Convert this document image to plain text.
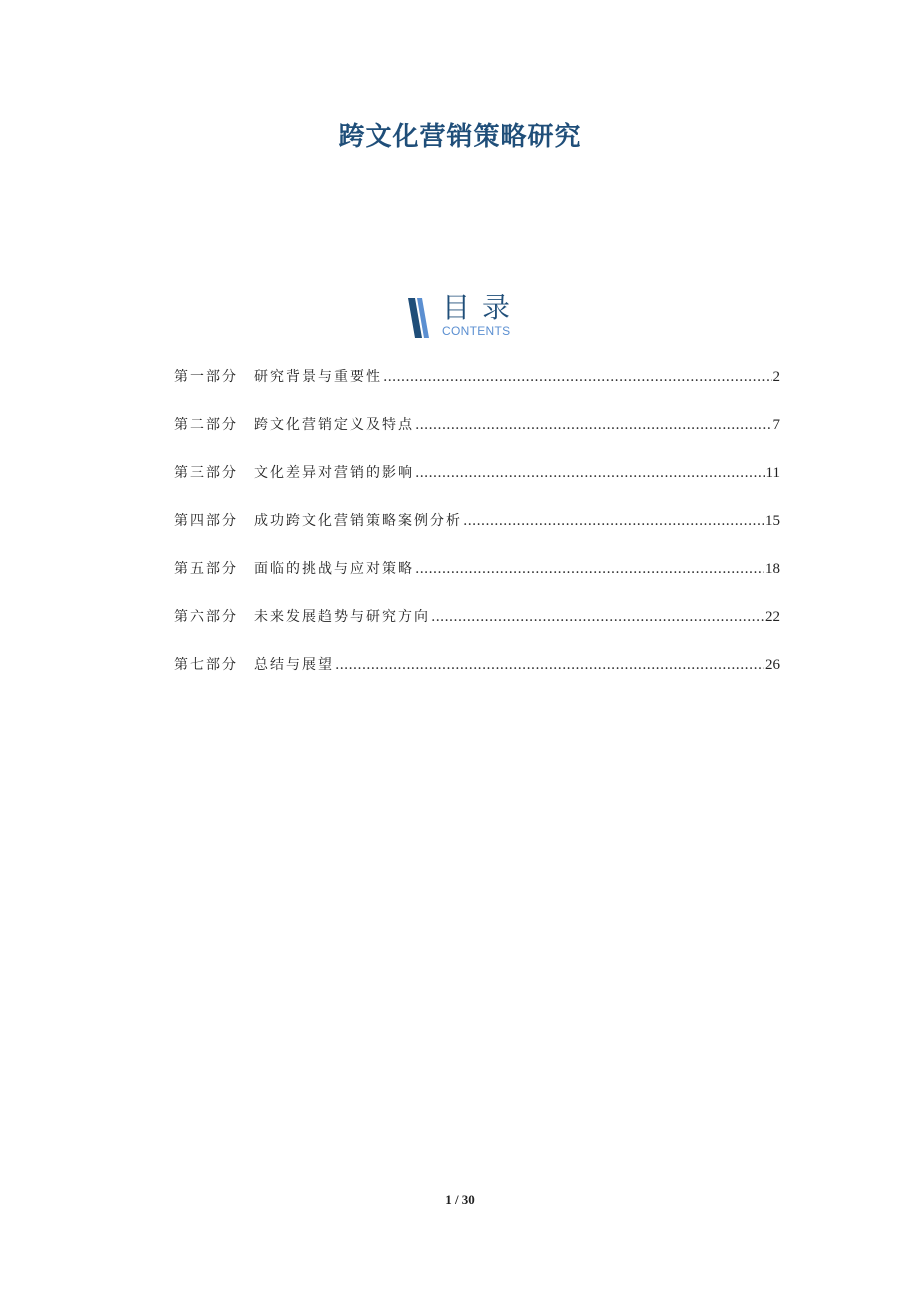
跨文化营销策略研究
目录
CONTENTS
第一部分	研究背景与重要性 .....	2
第二部分	跨文化营销定义及特点 .....	7
第三部分	文化差异对营销的影响 .....	11
第四部分	成功跨文化营销策略案例分析 .....	15
第五部分	面临的挑战与应对策略 .....	18
第六部分	未来发展趋势与研究方向 .....	22
第七部分	总结与展望 .....	26
1 / 30
